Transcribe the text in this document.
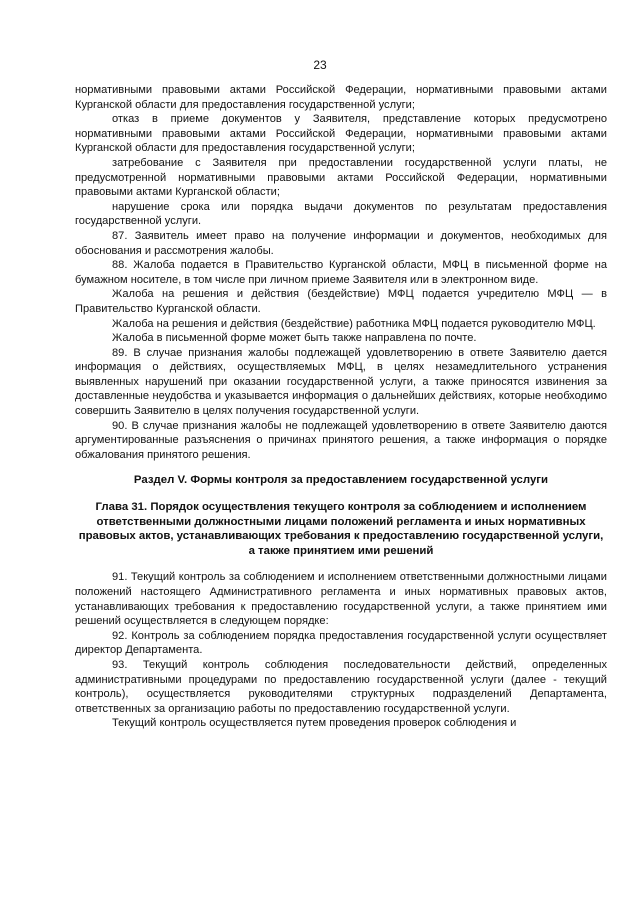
23

нормативными правовыми актами Российской Федерации, нормативными правовыми актами Курганской области для предоставления государственной услуги;

отказ в приеме документов у Заявителя, представление которых предусмотрено нормативными правовыми актами Российской Федерации, нормативными правовыми актами Курганской области для предоставления государственной услуги;

затребование с Заявителя при предоставлении государственной услуги платы, не предусмотренной нормативными правовыми актами Российской Федерации, нормативными правовыми актами Курганской области;

нарушение срока или порядка выдачи документов по результатам предоставления государственной услуги.

87. Заявитель имеет право на получение информации и документов, необходимых для обоснования и рассмотрения жалобы.

88. Жалоба подается в Правительство Курганской области, МФЦ в письменной форме на бумажном носителе, в том числе при личном приеме Заявителя или в электронном виде.

Жалоба на решения и действия (бездействие) МФЦ подается учредителю МФЦ — в Правительство Курганской области.

Жалоба на решения и действия (бездействие) работника МФЦ подается руководителю МФЦ.

Жалоба в письменной форме может быть также направлена по почте.

89. В случае признания жалобы подлежащей удовлетворению в ответе Заявителю дается информация о действиях, осуществляемых МФЦ, в целях незамедлительного устранения выявленных нарушений при оказании государственной услуги, а также приносятся извинения за доставленные неудобства и указывается информация о дальнейших действиях, которые необходимо совершить Заявителю в целях получения государственной услуги.

90. В случае признания жалобы не подлежащей удовлетворению в ответе Заявителю даются аргументированные разъяснения о причинах принятого решения, а также информация о порядке обжалования принятого решения.

Раздел V. Формы контроля за предоставлением государственной услуги
Глава 31. Порядок осуществления текущего контроля за соблюдением и исполнением ответственными должностными лицами положений регламента и иных нормативных правовых актов, устанавливающих требования к предоставлению государственной услуги, а также принятием ими решений

91. Текущий контроль за соблюдением и исполнением ответственными должностными лицами положений настоящего Административного регламента и иных нормативных правовых актов, устанавливающих требования к предоставлению государственной услуги, а также принятием ими решений осуществляется в следующем порядке:

92. Контроль за соблюдением порядка предоставления государственной услуги осуществляет директор Департамента.

93. Текущий контроль соблюдения последовательности действий, определенных административными процедурами по предоставлению государственной услуги (далее - текущий контроль), осуществляется руководителями структурных подразделений Департамента, ответственных за организацию работы по предоставлению государственной услуги.

Текущий контроль осуществляется путем проведения проверок соблюдения и
